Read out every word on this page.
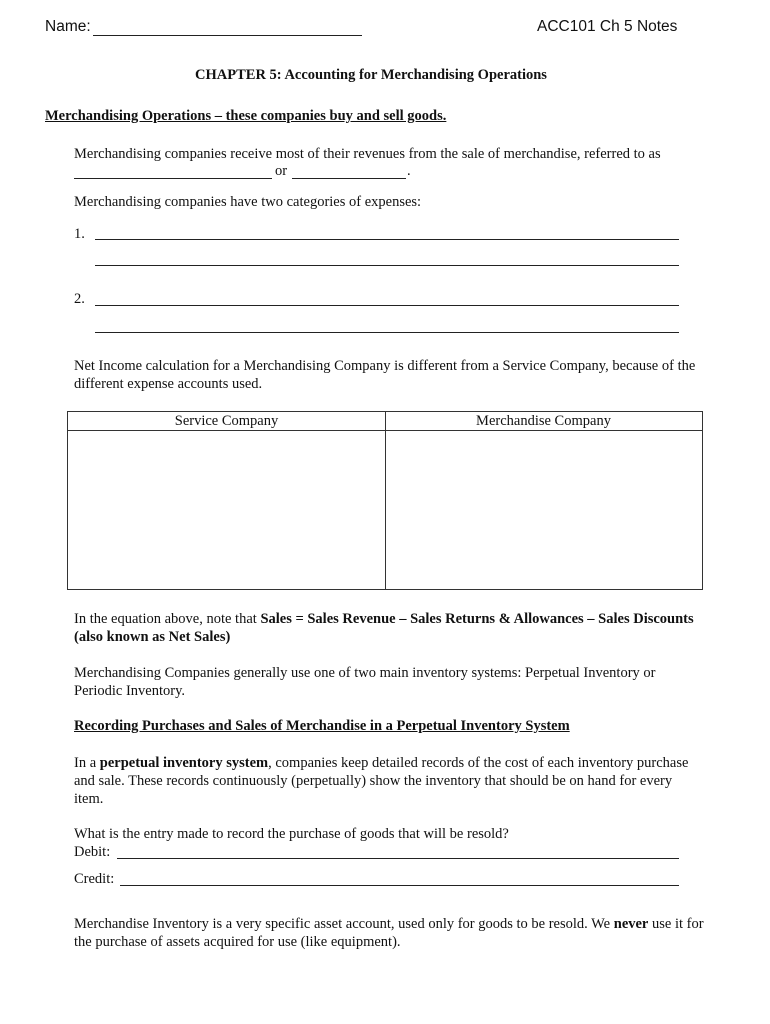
Name:	ACC101 Ch 5 Notes
CHAPTER 5: Accounting for Merchandising Operations
Merchandising Operations – these companies buy and sell goods.
Merchandising companies receive most of their revenues from the sale of merchandise, referred to as
or	.
Merchandising companies have two categories of expenses:
1.
2.
Net Income calculation for a Merchandising Company is different from a Service Company, because of the different expense accounts used.
Service Company	Merchandise Company
In the equation above, note that Sales = Sales Revenue – Sales Returns & Allowances – Sales Discounts (also known as Net Sales)
Merchandising Companies generally use one of two main inventory systems: Perpetual Inventory or Periodic Inventory.
Recording Purchases and Sales of Merchandise in a Perpetual Inventory System
In a perpetual inventory system, companies keep detailed records of the cost of each inventory purchase and sale. These records continuously (perpetually) show the inventory that should be on hand for every item.
What is the entry made to record the purchase of goods that will be resold?
Debit:
Credit:
Merchandise Inventory is a very specific asset account, used only for goods to be resold. We never use it for the purchase of assets acquired for use (like equipment).
